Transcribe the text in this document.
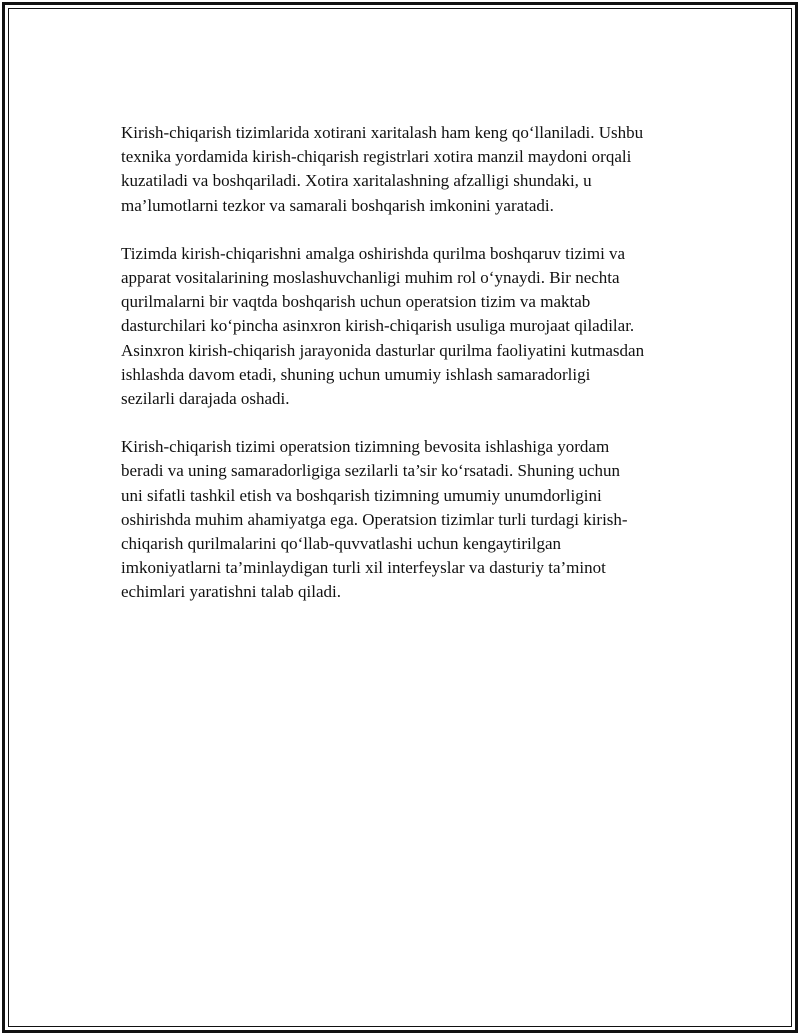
Kirish-chiqarish tizimlarida xotirani xaritalash ham keng qo‘llaniladi. Ushbu
texnika yordamida kirish-chiqarish registrlari xotira manzil maydoni orqali
kuzatiladi va boshqariladi. Xotira xaritalashning afzalligi shundaki, u
ma’lumotlarni tezkor va samarali boshqarish imkonini yaratadi.

Tizimda kirish-chiqarishni amalga oshirishda qurilma boshqaruv tizimi va
apparat vositalarining moslashuvchanligi muhim rol o‘ynaydi. Bir nechta
qurilmalarni bir vaqtda boshqarish uchun operatsion tizim va maktab
dasturchilari ko‘pincha asinxron kirish-chiqarish usuliga murojaat qiladilar.
Asinxron kirish-chiqarish jarayonida dasturlar qurilma faoliyatini kutmasdan
ishlashda davom etadi, shuning uchun umumiy ishlash samaradorligi
sezilarli darajada oshadi.

Kirish-chiqarish tizimi operatsion tizimning bevosita ishlashiga yordam
beradi va uning samaradorligiga sezilarli ta’sir ko‘rsatadi. Shuning uchun
uni sifatli tashkil etish va boshqarish tizimning umumiy unumdorligini
oshirishda muhim ahamiyatga ega. Operatsion tizimlar turli turdagi kirish-
chiqarish qurilmalarini qo‘llab-quvvatlashi uchun kengaytirilgan
imkoniyatlarni ta’minlaydigan turli xil interfeyslar va dasturiy ta’minot
echimlari yaratishni talab qiladi.
